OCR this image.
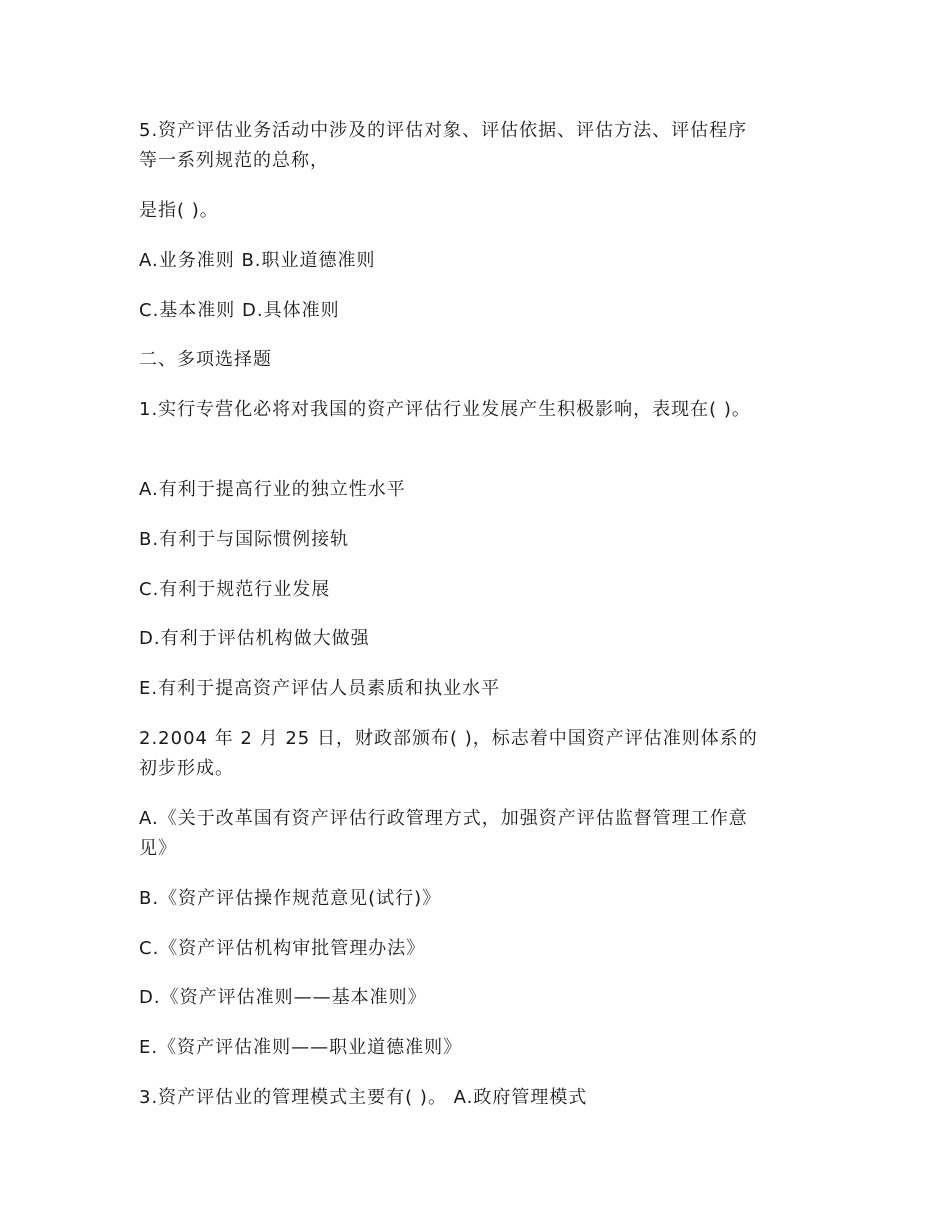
5.资产评估业务活动中涉及的评估对象、评估依据、评估方法、评估程序
等一系列规范的总称，
是指( )。
A.业务准则 B.职业道德准则
C.基本准则 D.具体准则
二、多项选择题
1.实行专营化必将对我国的资产评估行业发展产生积极影响，表现在( )。
A.有利于提高行业的独立性水平
B.有利于与国际惯例接轨
C.有利于规范行业发展
D.有利于评估机构做大做强
E.有利于提高资产评估人员素质和执业水平
2.2004 年 2 月 25 日，财政部颁布( )，标志着中国资产评估准则体系的
初步形成。
A.《关于改革国有资产评估行政管理方式，加强资产评估监督管理工作意
见》
B.《资产评估操作规范意见(试行)》
C.《资产评估机构审批管理办法》
D.《资产评估准则——基本准则》
E.《资产评估准则——职业道德准则》
3.资产评估业的管理模式主要有( )。 A.政府管理模式
